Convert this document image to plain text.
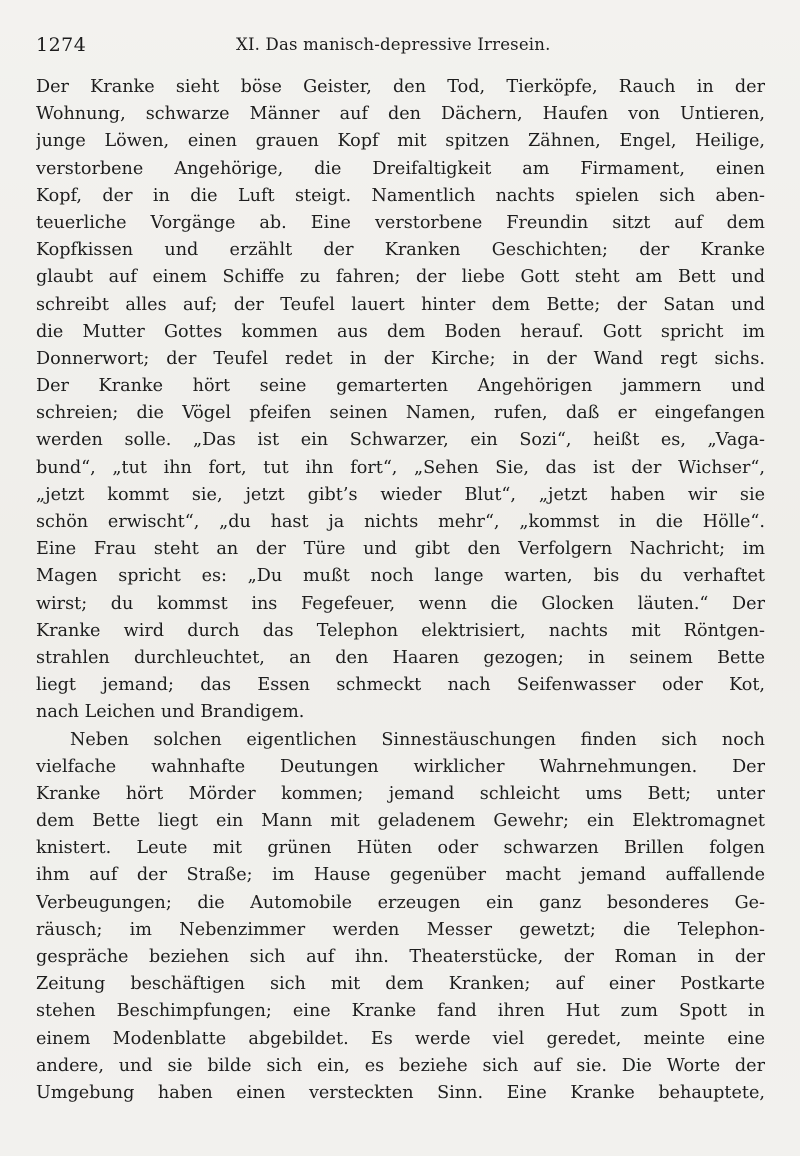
1274	XI. Das manisch-depressive Irresein.
Der Kranke sieht böse Geister, den Tod, Tierköpfe, Rauch in der
Wohnung, schwarze Männer auf den Dächern, Haufen von Untieren,
junge Löwen, einen grauen Kopf mit spitzen Zähnen, Engel, Heilige,
verstorbene Angehörige, die Dreifaltigkeit am Firmament, einen
Kopf, der in die Luft steigt. Namentlich nachts spielen sich aben-
teuerliche Vorgänge ab. Eine verstorbene Freundin sitzt auf dem
Kopfkissen und erzählt der Kranken Geschichten; der Kranke
glaubt auf einem Schiffe zu fahren; der liebe Gott steht am Bett und
schreibt alles auf; der Teufel lauert hinter dem Bette; der Satan und
die Mutter Gottes kommen aus dem Boden herauf. Gott spricht im
Donnerwort; der Teufel redet in der Kirche; in der Wand regt sichs.
Der Kranke hört seine gemarterten Angehörigen jammern und
schreien; die Vögel pfeifen seinen Namen, rufen, daß er eingefangen
werden solle. „Das ist ein Schwarzer, ein Sozi“, heißt es, „Vaga-
bund“, „tut ihn fort, tut ihn fort“, „Sehen Sie, das ist der Wichser“,
„jetzt kommt sie, jetzt gibt’s wieder Blut“, „jetzt haben wir sie
schön erwischt“, „du hast ja nichts mehr“, „kommst in die Hölle“.
Eine Frau steht an der Türe und gibt den Verfolgern Nachricht; im
Magen spricht es: „Du mußt noch lange warten, bis du verhaftet
wirst; du kommst ins Fegefeuer, wenn die Glocken läuten.“ Der
Kranke wird durch das Telephon elektrisiert, nachts mit Röntgen-
strahlen durchleuchtet, an den Haaren gezogen; in seinem Bette
liegt jemand; das Essen schmeckt nach Seifenwasser oder Kot,
nach Leichen und Brandigem.
Neben solchen eigentlichen Sinnestäuschungen finden sich noch
vielfache wahnhafte Deutungen wirklicher Wahrnehmungen. Der
Kranke hört Mörder kommen; jemand schleicht ums Bett; unter
dem Bette liegt ein Mann mit geladenem Gewehr; ein Elektromagnet
knistert. Leute mit grünen Hüten oder schwarzen Brillen folgen
ihm auf der Straße; im Hause gegenüber macht jemand auffallende
Verbeugungen; die Automobile erzeugen ein ganz besonderes Ge-
räusch; im Nebenzimmer werden Messer gewetzt; die Telephon-
gespräche beziehen sich auf ihn. Theaterstücke, der Roman in der
Zeitung beschäftigen sich mit dem Kranken; auf einer Postkarte
stehen Beschimpfungen; eine Kranke fand ihren Hut zum Spott in
einem Modenblatte abgebildet. Es werde viel geredet, meinte eine
andere, und sie bilde sich ein, es beziehe sich auf sie. Die Worte der
Umgebung haben einen versteckten Sinn. Eine Kranke behauptete,
